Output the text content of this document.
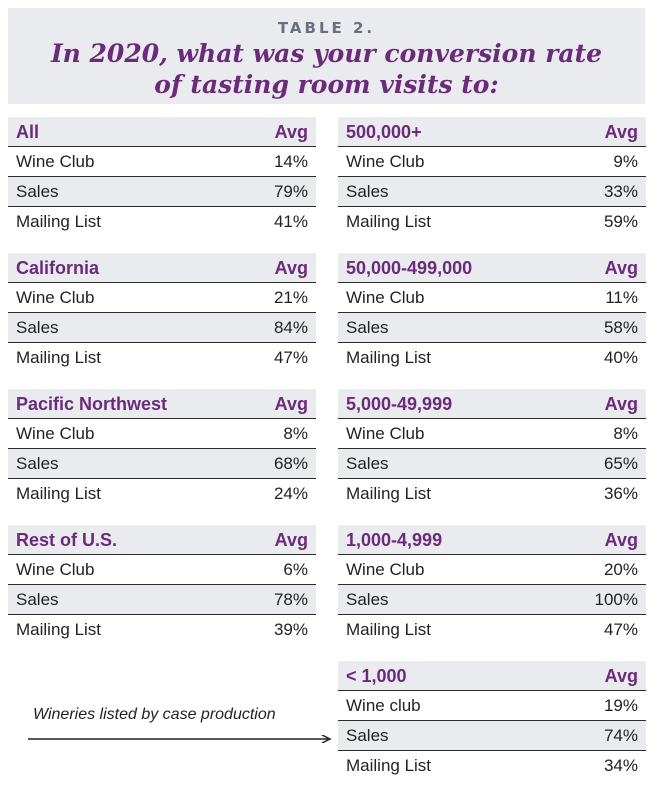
TABLE 2.
In 2020, what was your conversion rate
of tasting room visits to:
All	Avg
Wine Club	14%
Sales	79%
Mailing List	41%
California	Avg
Wine Club	21%
Sales	84%
Mailing List	47%
Pacific Northwest	Avg
Wine Club	8%
Sales	68%
Mailing List	24%
Rest of U.S.	Avg
Wine Club	6%
Sales	78%
Mailing List	39%
500,000+	Avg
Wine Club	9%
Sales	33%
Mailing List	59%
50,000-499,000	Avg
Wine Club	11%
Sales	58%
Mailing List	40%
5,000-49,999	Avg
Wine Club	8%
Sales	65%
Mailing List	36%
1,000-4,999	Avg
Wine Club	20%
Sales	100%
Mailing List	47%
< 1,000	Avg
Wine club	19%
Sales	74%
Mailing List	34%
Wineries listed by case production
